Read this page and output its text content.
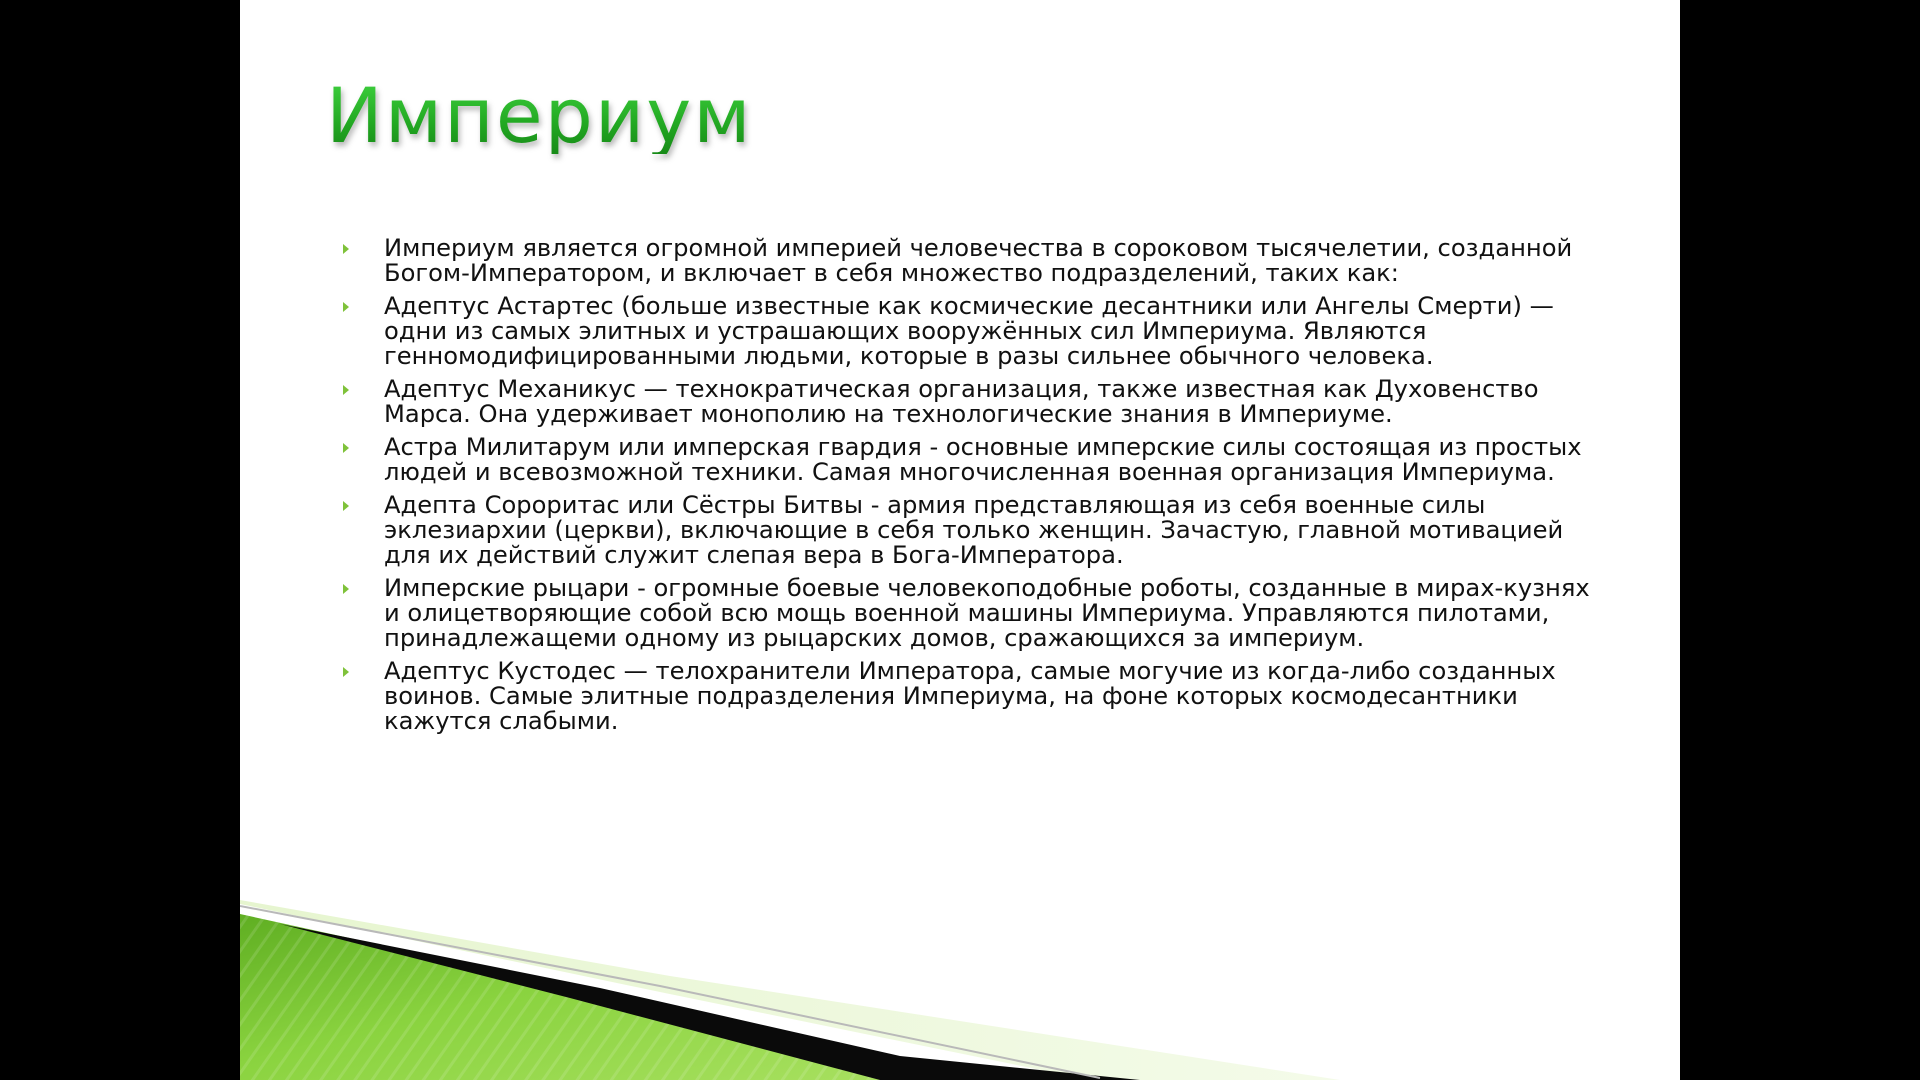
Империум
Империум является огромной империей человечества в сороковом тысячелетии, созданной Богом-Императором, и включает в себя множество подразделений, таких как:
Адептус Астартес (больше известные как космические десантники или Ангелы Смерти) — одни из самых элитных и устрашающих вооружённых сил Империума. Являются генномодифицированными людьми, которые в разы сильнее обычного человека.
Адептус Механикус — технократическая организация, также известная как Духовенство Марса. Она удерживает монополию на технологические знания в Империуме.
Астра Милитарум или имперская гвардия - основные имперские силы состоящая из простых людей и всевозможной техники. Самая многочисленная военная организация Империума.
Адепта Сороритас или Сёстры Битвы - армия представляющая из себя военные силы эклезиархии (церкви), включающие в себя только женщин. Зачастую, главной мотивацией для их действий служит слепая вера в Бога-Императора.
Имперские рыцари - огромные боевые человекоподобные роботы, созданные в мирах-кузнях и олицетворяющие собой всю мощь военной машины Империума. Управляются пилотами, принадлежащеми одному из рыцарских домов, сражающихся за империум.
Адептус Кустодес — телохранители Императора, самые могучие из когда-либо созданных воинов. Самые элитные подразделения Империума, на фоне которых космодесантники кажутся слабыми.
